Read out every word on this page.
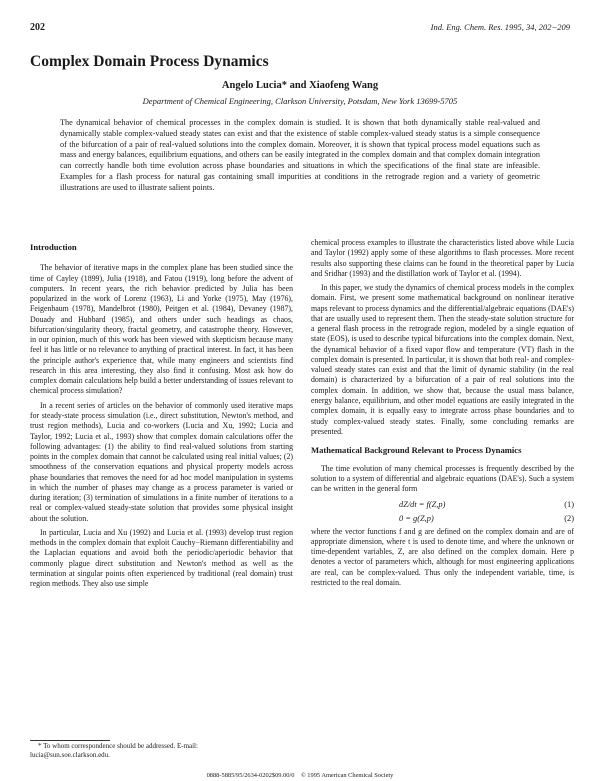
202	Ind. Eng. Chem. Res. 1995, 34, 202−209
Complex Domain Process Dynamics
Angelo Lucia* and Xiaofeng Wang
Department of Chemical Engineering, Clarkson University, Potsdam, New York 13699-5705
The dynamical behavior of chemical processes in the complex domain is studied. It is shown that both dynamically stable real-valued and dynamically stable complex-valued steady states can exist and that the existence of stable complex-valued steady status is a simple consequence of the bifurcation of a pair of real-valued solutions into the complex domain. Moreover, it is shown that typical process model equations such as mass and energy balances, equilibrium equations, and others can be easily integrated in the complex domain and that complex domain integration can correctly handle both time evolution across phase boundaries and situations in which the specifications of the final state are infeasible. Examples for a flash process for natural gas containing small impurities at conditions in the retrograde region and a variety of geometric illustrations are used to illustrate salient points.
Introduction

The behavior of iterative maps in the complex plane has been studied since the time of Cayley (1899), Julia (1918), and Fatou (1919), long before the advent of computers. In recent years, the rich behavior predicted by Julia has been popularized in the work of Lorenz (1963), Li and Yorke (1975), May (1976), Feigenbaum (1978), Mandelbrot (1980), Peitgen et al. (1984), Devaney (1987), Douady and Hubbard (1985), and others under such headings as chaos, bifurcation/singularity theory, fractal geometry, and catastrophe theory. However, in our opinion, much of this work has been viewed with skepticism because many feel it has little or no relevance to anything of practical interest. In fact, it has been the principle author's experience that, while many engineers and scientists find research in this area interesting, they also find it confusing. Most ask how do complex domain calculations help build a better understanding of issues relevant to chemical process simulation?

In a recent series of articles on the behavior of commonly used iterative maps for steady-state process simulation (i.e., direct substitution, Newton's method, and trust region methods), Lucia and co-workers (Lucia and Xu, 1992; Lucia and Taylor, 1992; Lucia et al., 1993) show that complex domain calculations offer the following advantages: (1) the ability to find real-valued solutions from starting points in the complex domain that cannot be calculated using real initial values; (2) smoothness of the conservation equations and physical property models across phase boundaries that removes the need for ad hoc model manipulation in systems in which the number of phases may change as a process parameter is varied or during iteration; (3) termination of simulations in a finite number of iterations to a real or complex-valued steady-state solution that provides some physical insight about the solution.

In particular, Lucia and Xu (1992) and Lucia et al. (1993) develop trust region methods in the complex domain that exploit Cauchy−Riemann differentiability and the Laplacian equations and avoid both the periodic/aperiodic behavior that commonly plague direct substitution and Newton's method as well as the termination at singular points often experienced by traditional (real domain) trust region methods. They also use simple

chemical process examples to illustrate the characteristics listed above while Lucia and Taylor (1992) apply some of these algorithms to flash processes. More recent results also supporting these claims can be found in the theoretical paper by Lucia and Sridhar (1993) and the distillation work of Taylor et al. (1994).

In this paper, we study the dynamics of chemical process models in the complex domain. First, we present some mathematical background on nonlinear iterative maps relevant to process dynamics and the differential/algebraic equations (DAE's) that are usually used to represent them. Then the steady-state solution structure for a general flash process in the retrograde region, modeled by a single equation of state (EOS), is used to describe typical bifurcations into the complex domain. Next, the dynamical behavior of a fixed vapor flow and temperature (VT) flash in the complex domain is presented. In particular, it is shown that both real- and complex-valued steady states can exist and that the limit of dynamic stability (in the real domain) is characterized by a bifurcation of a pair of real solutions into the complex domain. In addition, we show that, because the usual mass balance, energy balance, equilibrium, and other model equations are easily integrated in the complex domain, it is equally easy to integrate across phase boundaries and to study complex-valued steady states. Finally, some concluding remarks are presented.

Mathematical Background Relevant to Process Dynamics

The time evolution of many chemical processes is frequently described by the solution to a system of differential and algebraic equations (DAE's). Such a system can be written in the general form

dZ/dt = f(Z,p)	(1)
0 = g(Z,p)	(2)

where the vector functions f and g are defined on the complex domain and are of appropriate dimension, where t is used to denote time, and where the unknown or time-dependent variables, Z, are also defined on the complex domain. Here p denotes a vector of parameters which, although for most engineering applications are real, can be complex-valued. Thus only the independent variable, time, is restricted to the real domain.

* To whom correspondence should be addressed. E-mail:
lucia@sun.soe.clarkson.edu.
0888-5885/95/2634-0202$09.00/0    © 1995 American Chemical Society
